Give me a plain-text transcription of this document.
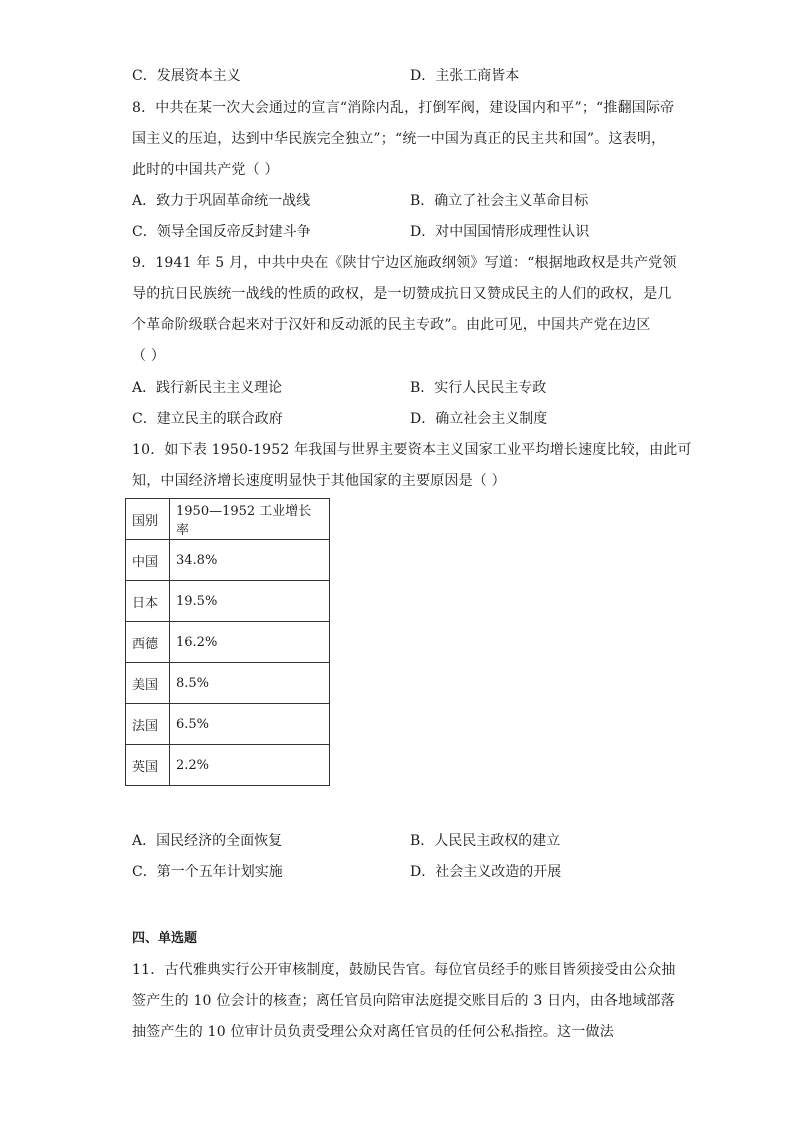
C．发展资本主义	D．主张工商皆本
8．中共在某一次大会通过的宣言“消除内乱，打倒军阀，建设国内和平”；“推翻国际帝
国主义的压迫，达到中华民族完全独立”；“统一中国为真正的民主共和国”。这表明，
此时的中国共产党（ ）
A．致力于巩固革命统一战线	B．确立了社会主义革命目标
C．领导全国反帝反封建斗争	D．对中国国情形成理性认识
9．1941 年 5 月，中共中央在《陕甘宁边区施政纲领》写道：“根据地政权是共产党领
导的抗日民族统一战线的性质的政权，是一切赞成抗日又赞成民主的人们的政权，是几
个革命阶级联合起来对于汉奸和反动派的民主专政”。由此可见，中国共产党在边区
（ ）
A．践行新民主主义理论	B．实行人民民主专政
C．建立民主的联合政府	D．确立社会主义制度
10．如下表 1950-1952 年我国与世界主要资本主义国家工业平均增长速度比较，由此可
知，中国经济增长速度明显快于其他国家的主要原因是（ ）
国别	1950—1952 工业增长率
中国	34.8%
日本	19.5%
西德	16.2%
美国	8.5%
法国	6.5%
英国	2.2%
A．国民经济的全面恢复	B．人民民主政权的建立
C．第一个五年计划实施	D．社会主义改造的开展
四、单选题
11．古代雅典实行公开审核制度，鼓励民告官。每位官员经手的账目皆须接受由公众抽
签产生的 10 位会计的核查；离任官员向陪审法庭提交账目后的 3 日内，由各地域部落
抽签产生的 10 位审计员负责受理公众对离任官员的任何公私指控。这一做法
